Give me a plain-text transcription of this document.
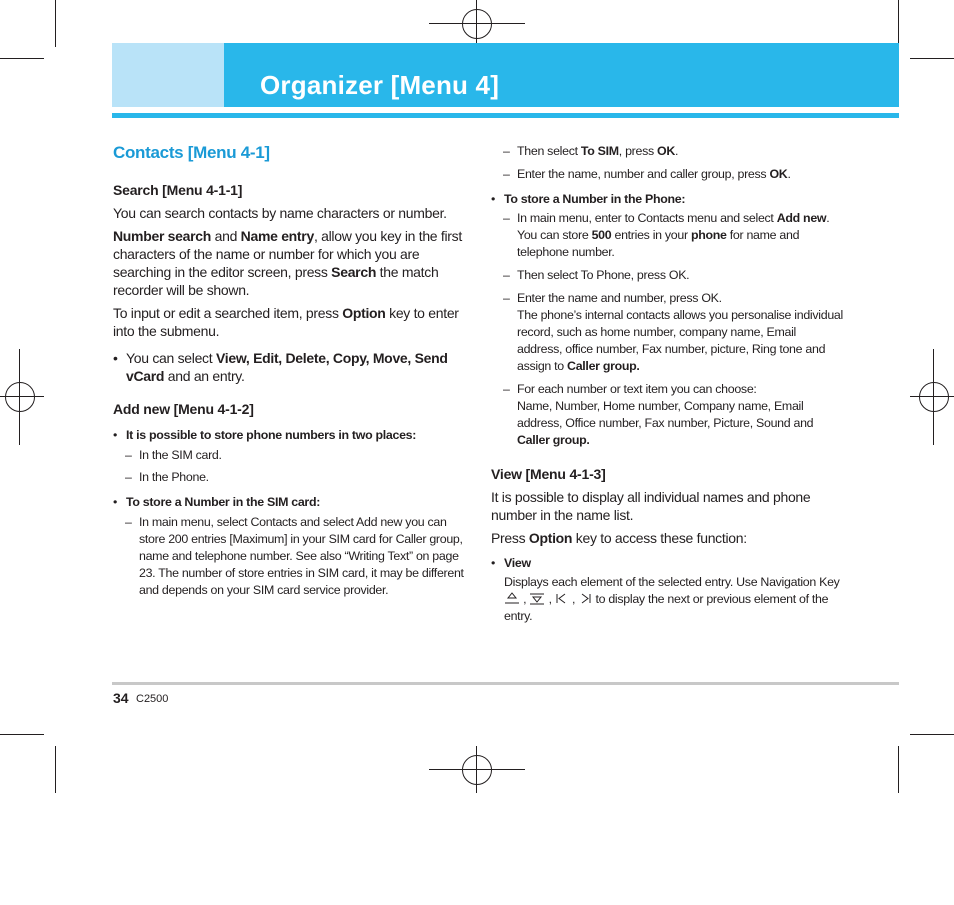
Organizer [Menu 4]
Contacts [Menu 4-1]
Search [Menu 4-1-1]

You can search contacts by name characters or number.

Number search and Name entry, allow you key in the first characters of the name or number for which you are searching in the editor screen, press Search the match recorder will be shown.

To input or edit a searched item, press Option key to enter into the submenu.

• You can select View, Edit, Delete, Copy, Move, Send vCard and an entry.

Add new [Menu 4-1-2]
• It is possible to store phone numbers in two places:
– In the SIM card.
– In the Phone.
• To store a Number in the SIM card:
– In main menu, select Contacts and select Add new you can store 200 entries [Maximum] in your SIM card for Caller group, name and telephone number. See also “Writing Text” on page 23. The number of store entries in SIM card, it may be different and depends on your SIM card service provider.
– Then select To SIM, press OK.
– Enter the name, number and caller group, press OK.
• To store a Number in the Phone:
– In main menu, enter to Contacts menu and select Add new. You can store 500 entries in your phone for name and telephone number.
– Then select To Phone, press OK.
– Enter the name and number, press OK.
The phone’s internal contacts allows you personalise individual record, such as home number, company name, Email address, office number, Fax number, picture, Ring tone and assign to Caller group.
– For each number or text item you can choose:
Name, Number, Home number, Company name, Email address, Office number, Fax number, Picture, Sound and Caller group.
View [Menu 4-1-3]

It is possible to display all individual names and phone number in the name list.

Press Option key to access these function:

• View
Displays each element of the selected entry. Use Navigation Key  ,  ,  ,  to display the next or previous element of the entry.
34 C2500
